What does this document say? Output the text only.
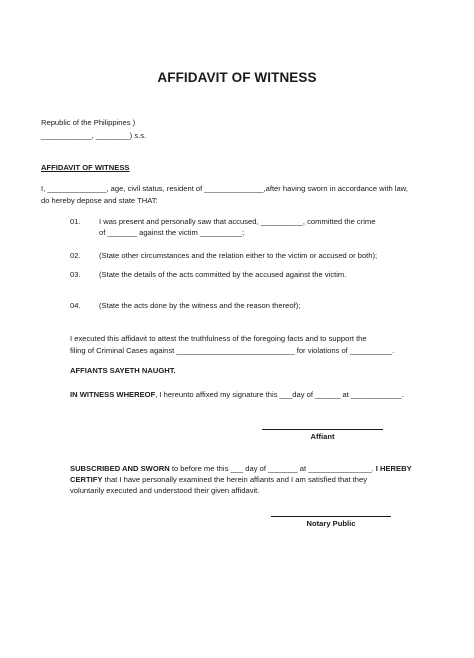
AFFIDAVIT OF WITNESS
Republic of the Philippines )
____________, ________) s.s.
AFFIDAVIT OF WITNESS
I, ______________, age, civil status, resident of ______________,after having sworn in accordance with law,
do hereby depose and state THAT:
01. I was present and personally saw that accused, __________, committed the crime
of _______ against the victim __________;
02. (State other circumstances and the relation either to the victim or accused or both);
03. (State the details of the acts committed by the accused against the victim.
04. (State the acts done by the witness and the reason thereof);
I executed this affidavit to attest the truthfulness of the foregoing facts and to support the
filing of Criminal Cases against ____________________________ for violations of __________.
AFFIANTS SAYETH NAUGHT.
IN WITNESS WHEREOF, I hereunto affixed my signature this ___day of ______ at ____________.
Affiant
SUBSCRIBED AND SWORN to before me this ___ day of _______ at _______________. I HEREBY
CERTIFY that I have personally examined the herein affiants and I am satisfied that they
voluntarily executed and understood their given affidavit.
Notary Public
